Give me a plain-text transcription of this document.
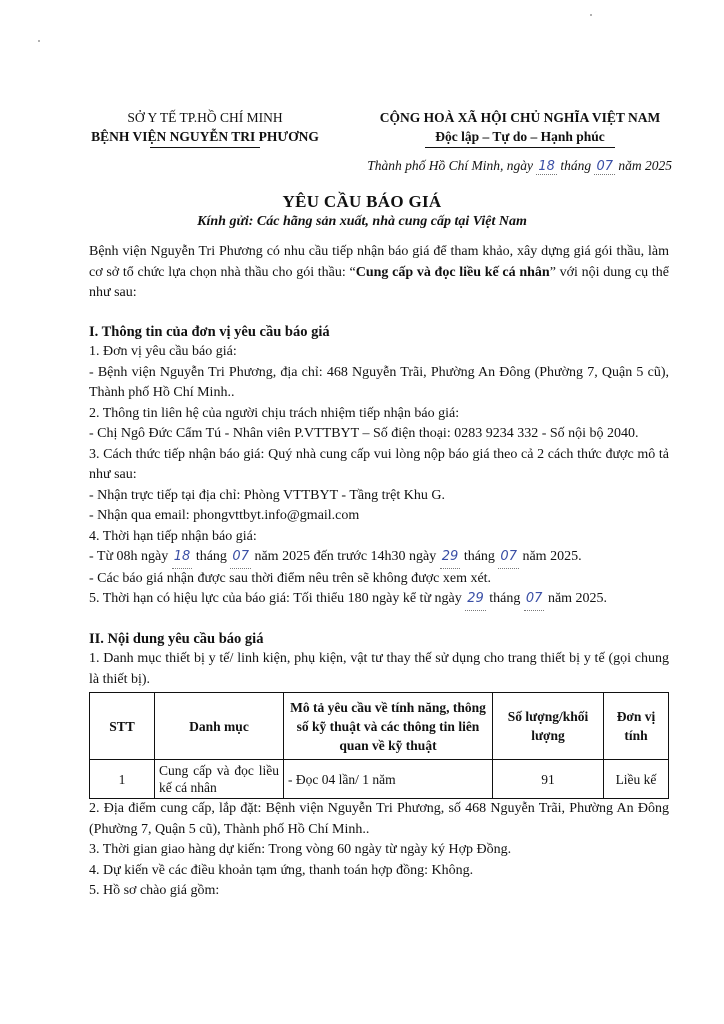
SỞ Y TẾ TP.HỒ CHÍ MINH
BỆNH VIỆN NGUYỄN TRI PHƯƠNG
CỘNG HOÀ XÃ HỘI CHỦ NGHĨA VIỆT NAM
Độc lập – Tự do – Hạnh phúc
Thành phố Hồ Chí Minh, ngày 18 tháng 07 năm 2025
YÊU CẦU BÁO GIÁ
Kính gửi: Các hãng sản xuất, nhà cung cấp tại Việt Nam

Bệnh viện Nguyễn Tri Phương có nhu cầu tiếp nhận báo giá để tham khảo, xây dựng giá gói thầu, làm cơ sở tổ chức lựa chọn nhà thầu cho gói thầu: “Cung cấp và đọc liều kế cá nhân” với nội dung cụ thể như sau:

I. Thông tin của đơn vị yêu cầu báo giá

1. Đơn vị yêu cầu báo giá:

- Bệnh viện Nguyễn Tri Phương, địa chỉ: 468 Nguyễn Trãi, Phường An Đông (Phường 7, Quận 5 cũ), Thành phố Hồ Chí Minh..

2. Thông tin liên hệ của người chịu trách nhiệm tiếp nhận báo giá:

- Chị Ngô Đức Cẩm Tú - Nhân viên P.VTTBYT – Số điện thoại: 0283 9234 332 - Số nội bộ 2040.

3. Cách thức tiếp nhận báo giá: Quý nhà cung cấp vui lòng nộp báo giá theo cả 2 cách thức được mô tả như sau:

- Nhận trực tiếp tại địa chỉ: Phòng VTTBYT - Tầng trệt Khu G.

- Nhận qua email: phongvttbyt.info@gmail.com

4. Thời hạn tiếp nhận báo giá:

- Từ 08h ngày 18 tháng 07 năm 2025 đến trước 14h30 ngày 29 tháng 07 năm 2025.

- Các báo giá nhận được sau thời điểm nêu trên sẽ không được xem xét.

5. Thời hạn có hiệu lực của báo giá: Tối thiểu 180 ngày kể từ ngày 29 tháng 07 năm 2025.

II. Nội dung yêu cầu báo giá

1. Danh mục thiết bị y tế/ linh kiện, phụ kiện, vật tư thay thế sử dụng cho trang thiết bị y tế (gọi chung là thiết bị).

STT	Danh mục	Mô tả yêu cầu về tính năng, thông số kỹ thuật và các thông tin liên quan về kỹ thuật	Số lượng/khối lượng	Đơn vị tính
1	Cung cấp và đọc liều kế cá nhân	- Đọc 04 lần/ 1 năm	91	Liều kế

2. Địa điểm cung cấp, lắp đặt: Bệnh viện Nguyễn Tri Phương, số 468 Nguyễn Trãi, Phường An Đông (Phường 7, Quận 5 cũ), Thành phố Hồ Chí Minh..

3. Thời gian giao hàng dự kiến: Trong vòng 60 ngày từ ngày ký Hợp Đồng.

4. Dự kiến về các điều khoản tạm ứng, thanh toán hợp đồng: Không.

5. Hồ sơ chào giá gồm:
